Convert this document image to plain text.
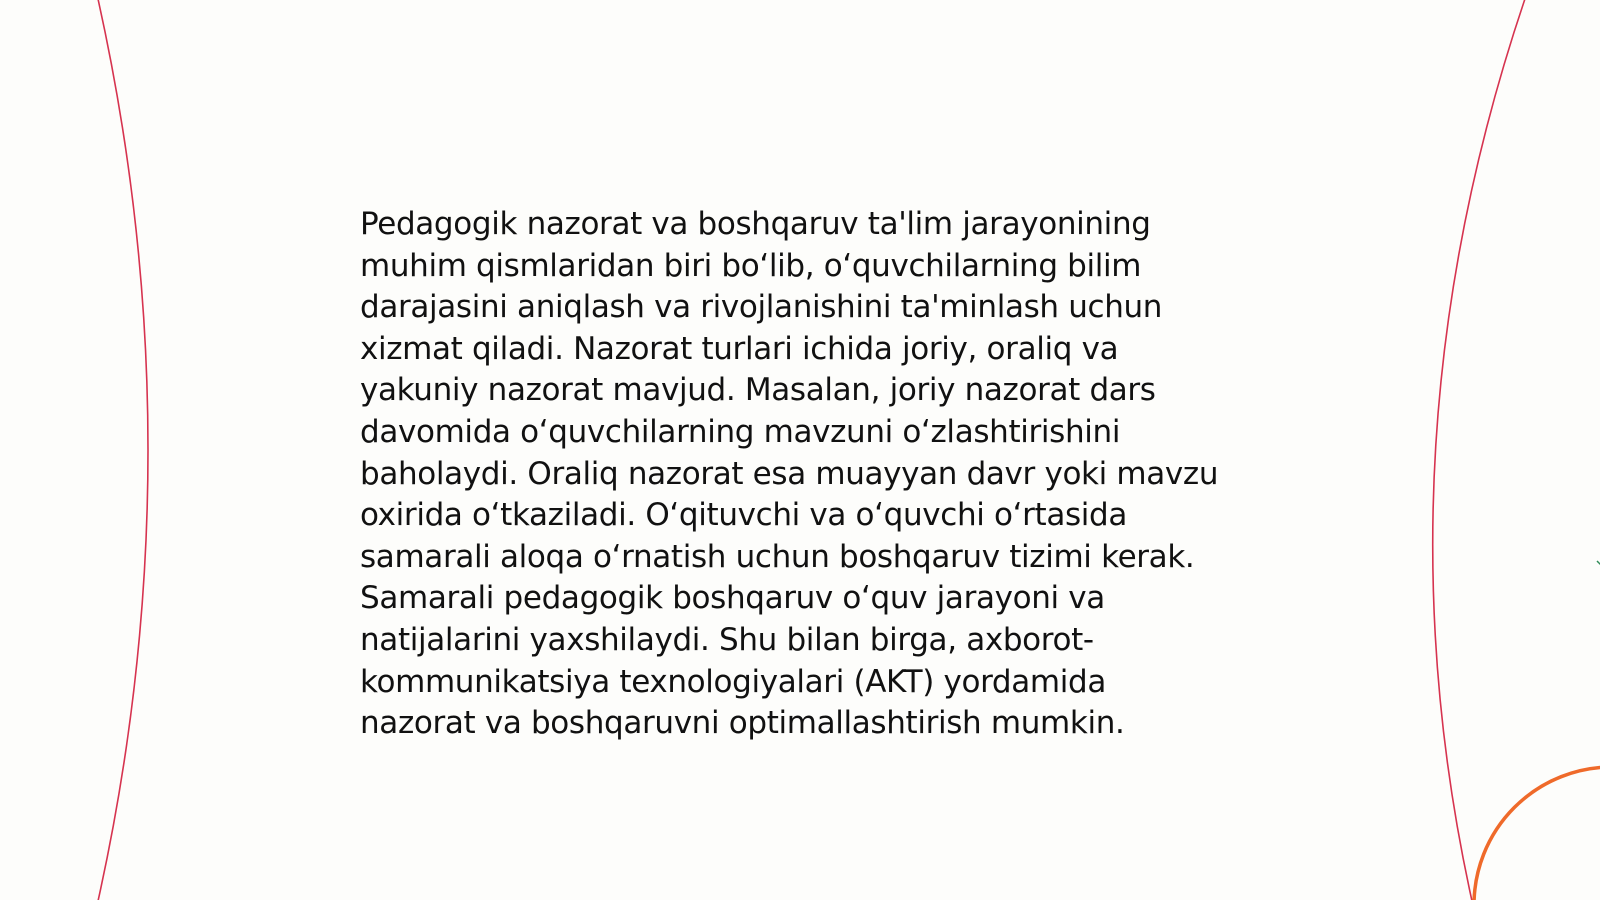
Pedagogik nazorat va boshqaruv ta'lim jarayonining muhim qismlaridan biri boʻlib, oʻquvchilarning bilim darajasini aniqlash va rivojlanishini ta'minlash uchun xizmat qiladi. Nazorat turlari ichida joriy, oraliq va yakuniy nazorat mavjud. Masalan, joriy nazorat dars davomida oʻquvchilarning mavzuni oʻzlashtirishini baholaydi. Oraliq nazorat esa muayyan davr yoki mavzu oxirida oʻtkaziladi. Oʻqituvchi va oʻquvchi oʻrtasida samarali aloqa oʻrnatish uchun boshqaruv tizimi kerak. Samarali pedagogik boshqaruv oʻquv jarayoni va natijalarini yaxshilaydi. Shu bilan birga, axborot-kommunikatsiya texnologiyalari (AKT) yordamida nazorat va boshqaruvni optimallashtirish mumkin.
